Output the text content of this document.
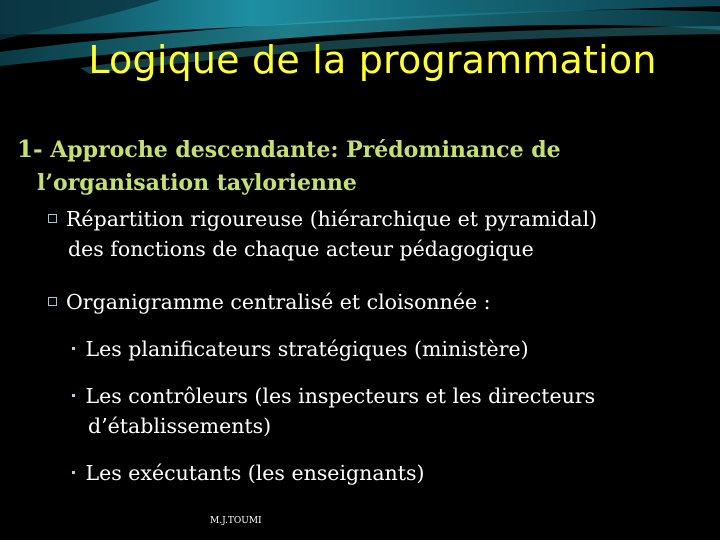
Logique de la programmation
1- Approche descendante: Prédominance de
l’organisation taylorienne
Répartition rigoureuse (hiérarchique et pyramidal)
des fonctions de chaque acteur pédagogique
Organigramme centralisé et cloisonnée :
Les planificateurs stratégiques (ministère)
Les contrôleurs (les inspecteurs et les directeurs
d’établissements)
Les exécutants (les enseignants)
M.J.TOUMI
